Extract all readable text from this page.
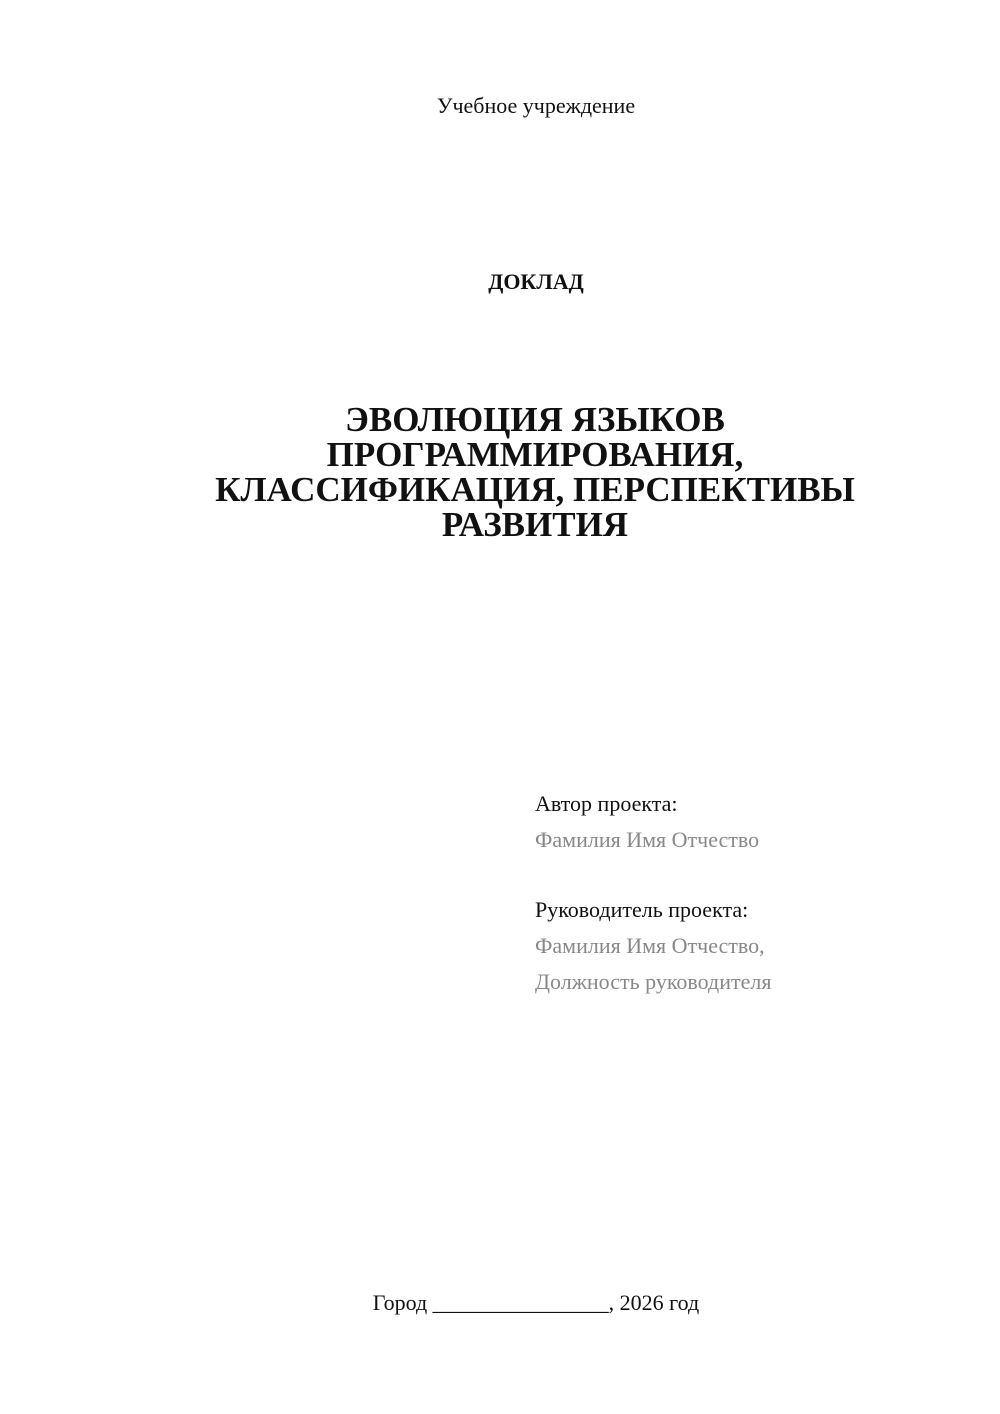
Учебное учреждение
ДОКЛАД
ЭВОЛЮЦИЯ ЯЗЫКОВ
ПРОГРАММИРОВАНИЯ,
КЛАССИФИКАЦИЯ, ПЕРСПЕКТИВЫ
РАЗВИТИЯ
Автор проекта:
Фамилия Имя Отчество
Руководитель проекта:
Фамилия Имя Отчество,
Должность руководителя
Город ________________, 2026 год
